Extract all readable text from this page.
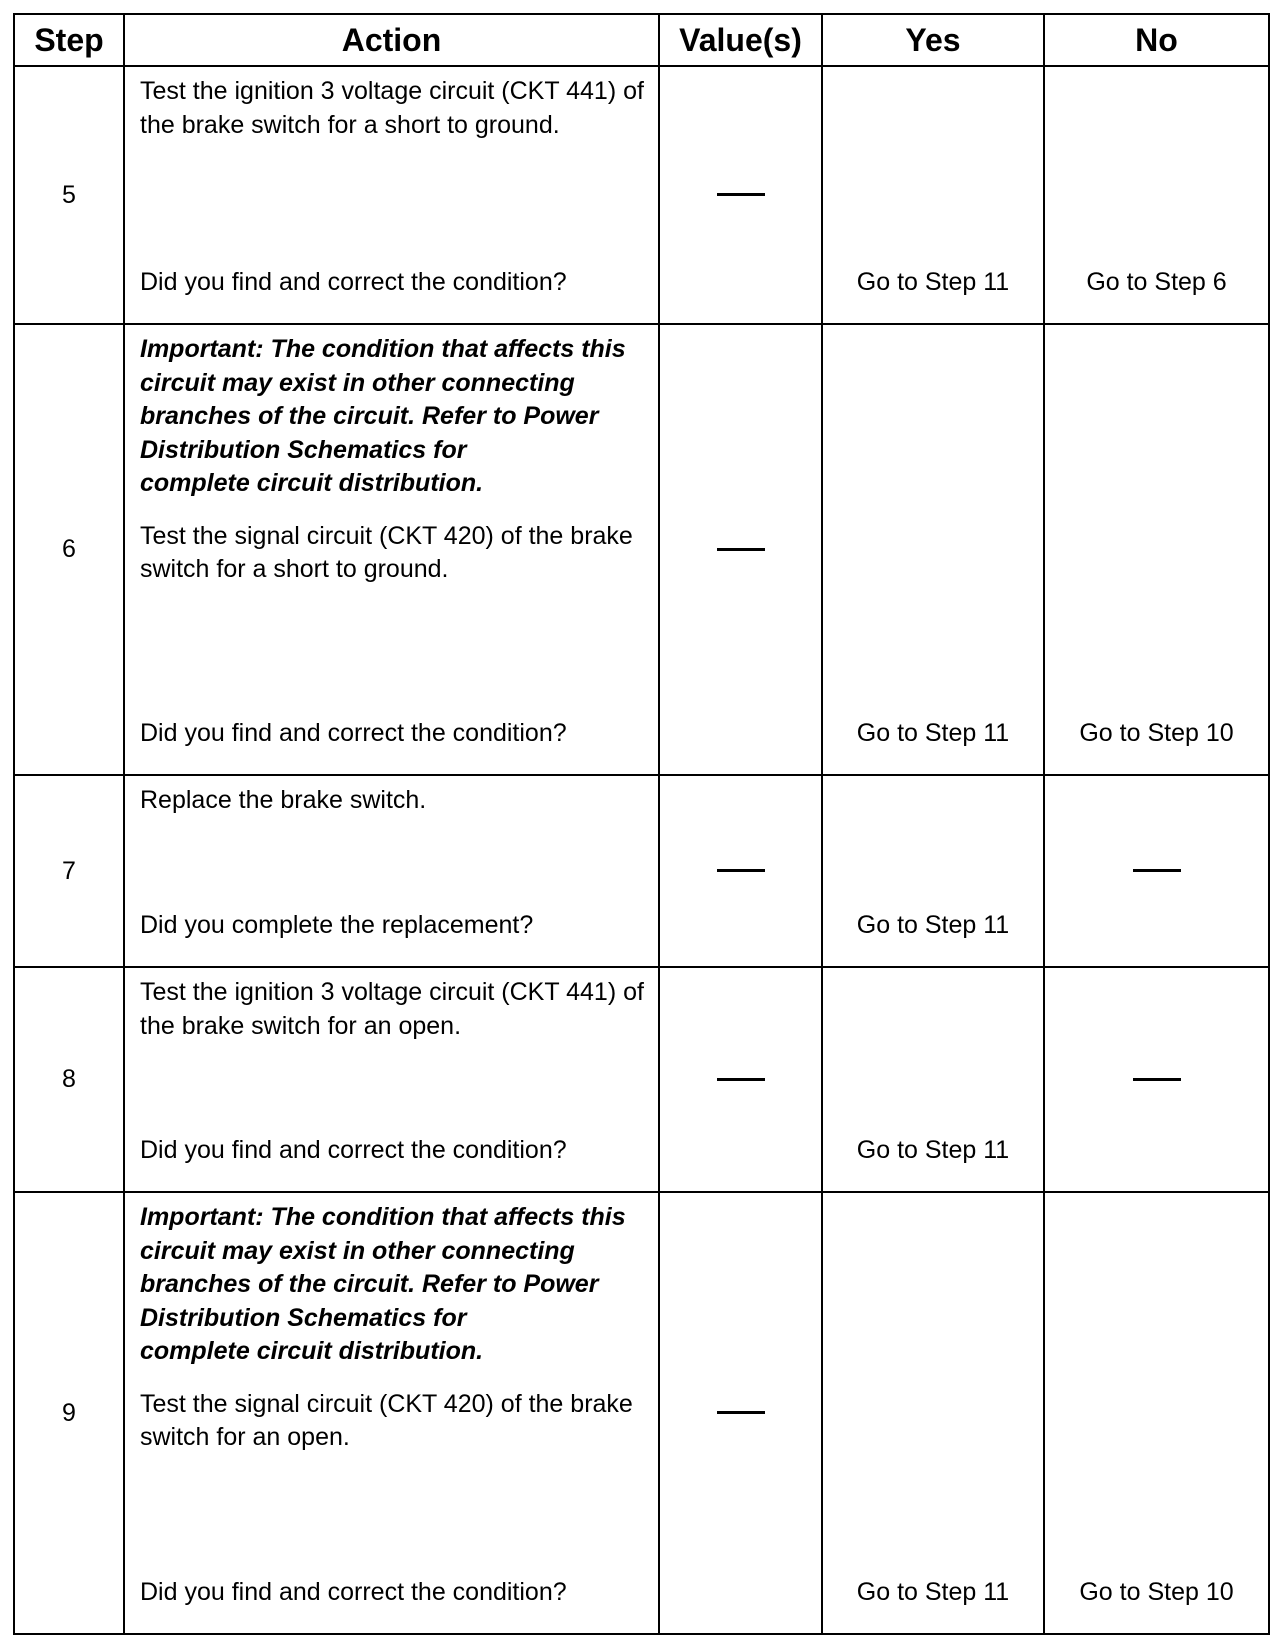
Step	Action	Value(s)	Yes	No
5	Test the ignition 3 voltage circuit (CKT 441) of the brake switch for a short to ground.
Did you find and correct the condition?		Go to Step 11	Go to Step 6

6	Important: The condition that affects this circuit may exist in other connecting branches of the circuit. Refer to Power Distribution Schematics for
complete circuit distribution.
Test the signal circuit (CKT 420) of the brake switch for a short to ground.
Did you find and correct the condition?		Go to Step 11	Go to Step 10

7	Replace the brake switch.
Did you complete the replacement?		Go to Step 11	

8	Test the ignition 3 voltage circuit (CKT 441) of the brake switch for an open.
Did you find and correct the condition?		Go to Step 11	

9	Important: The condition that affects this circuit may exist in other connecting branches of the circuit. Refer to Power Distribution Schematics for
complete circuit distribution.
Test the signal circuit (CKT 420) of the brake switch for an open.
Did you find and correct the condition?		Go to Step 11	Go to Step 10
